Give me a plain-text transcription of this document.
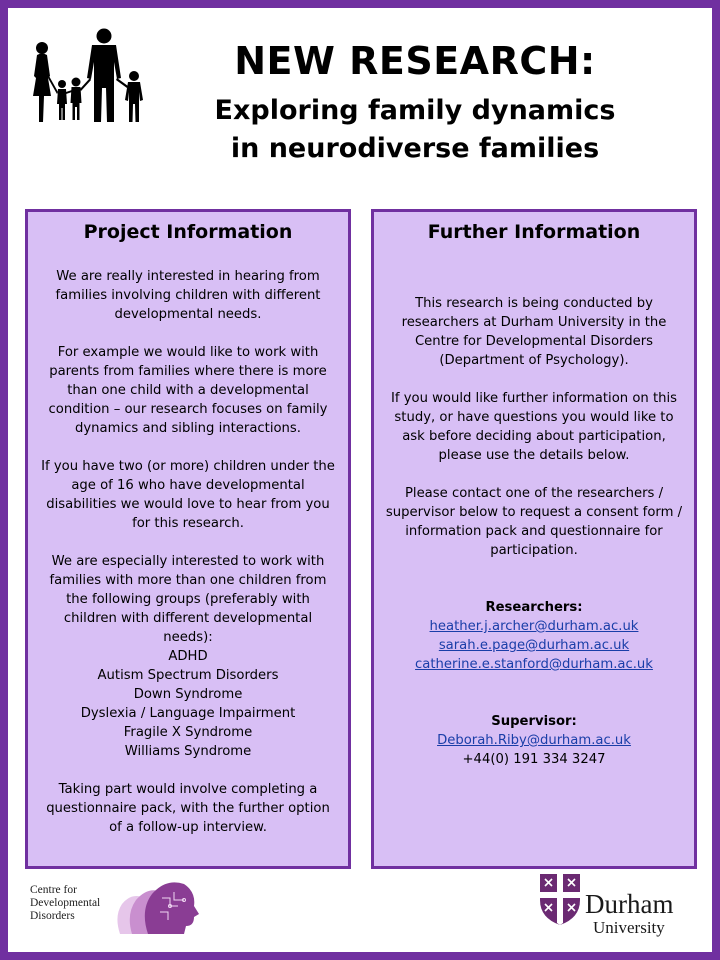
NEW RESEARCH:
Exploring family dynamics
in neurodiverse families
Project Information

We are really interested in hearing from families involving children with different developmental needs.

For example we would like to work with parents from families where there is more than one child with a developmental condition – our research focuses on family dynamics and sibling interactions.

If you have two (or more) children under the age of 16 who have developmental disabilities we would love to hear from you for this research.

We are especially interested to work with families with more than one children from the following groups (preferably with children with different developmental needs):

ADHD
Autism Spectrum Disorders
Down Syndrome
Dyslexia / Language Impairment
Fragile X Syndrome
Williams Syndrome

Taking part would involve completing a questionnaire pack, with the further option of a follow-up interview.

Further Information

This research is being conducted by researchers at Durham University in the Centre for Developmental Disorders (Department of Psychology).

If you would like further information on this study, or have questions you would like to ask before deciding about participation, please use the details below.

Please contact one of the researchers / supervisor below to request a consent form / information pack and questionnaire for participation.

Researchers:
heather.j.archer@durham.ac.uk
sarah.e.page@durham.ac.uk
catherine.e.stanford@durham.ac.uk
Supervisor:
Deborah.Riby@durham.ac.uk
+44(0) 191 334 3247
Centre for
Developmental
Disorders	Durham
University
